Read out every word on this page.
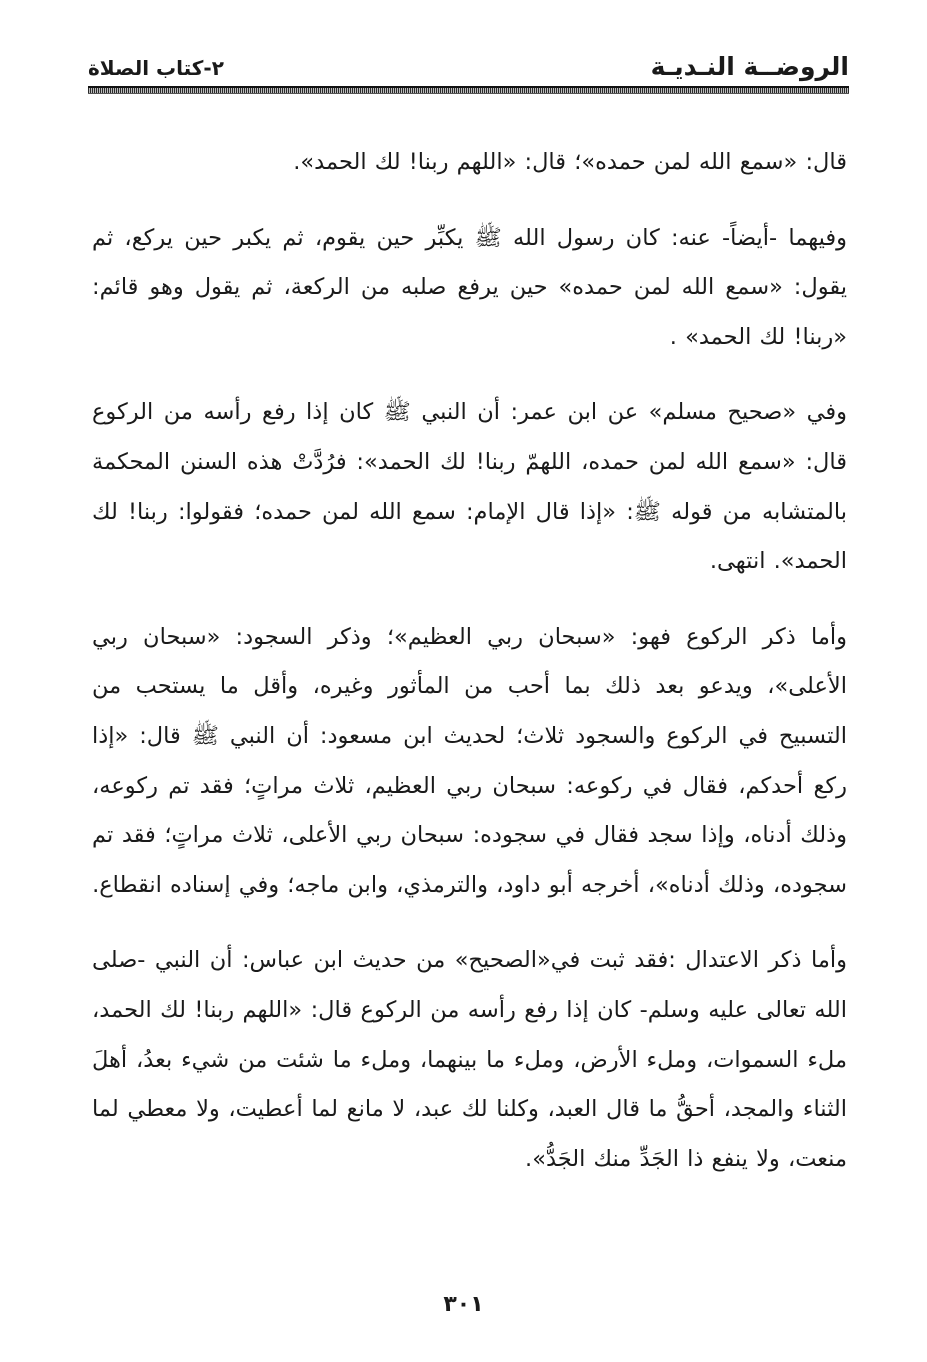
الروضــة النـديـة
٢-كتاب الصلاة

قال: «سمع الله لمن حمده»؛ قال: «اللهم ربنا! لك الحمد».

وفيهما -أيضاً- عنه: كان رسول الله ﷺ يكبِّر حين يقوم، ثم يكبر حين يركع، ثم يقول: «سمع الله لمن حمده» حين يرفع صلبه من الركعة، ثم يقول وهو قائم: «ربنا! لك الحمد» .

وفي «صحيح مسلم» عن ابن عمر: أن النبي ﷺ كان إذا رفع رأسه من الركوع قال: «سمع الله لمن حمده، اللهمّ ربنا! لك الحمد»: فرُدَّتْ هذه السنن المحكمة بالمتشابه من قوله ﷺ: «إذا قال الإمام: سمع الله لمن حمده؛ فقولوا: ربنا! لك الحمد». انتهى.

وأما ذكر الركوع فهو: «سبحان ربي العظيم»؛ وذكر السجود: «سبحان ربي الأعلى»، ويدعو بعد ذلك بما أحب من المأثور وغيره، وأقل ما يستحب من التسبيح في الركوع والسجود ثلاث؛ لحديث ابن مسعود: أن النبي ﷺ قال: «إذا ركع أحدكم، فقال في ركوعه: سبحان ربي العظيم، ثلاث مراتٍ؛ فقد تم ركوعه، وذلك أدناه، وإذا سجد فقال في سجوده: سبحان ربي الأعلى، ثلاث مراتٍ؛ فقد تم سجوده، وذلك أدناه»، أخرجه أبو داود، والترمذي، وابن ماجه؛ وفي إسناده انقطاع.

وأما ذكر الاعتدال :فقد ثبت في«الصحيح» من حديث ابن عباس: أن النبي -صلى الله تعالى عليه وسلم- كان إذا رفع رأسه من الركوع قال: «اللهم ربنا! لك الحمد، ملء السموات، وملء الأرض، وملء ما بينهما، وملء ما شئت من شيء بعدُ، أهلَ الثناء والمجد، أحقُّ ما قال العبد، وكلنا لك عبد، لا مانع لما أعطيت، ولا معطي لما منعت، ولا ينفع ذا الجَدِّ منك الجَدُّ».

٣٠١
